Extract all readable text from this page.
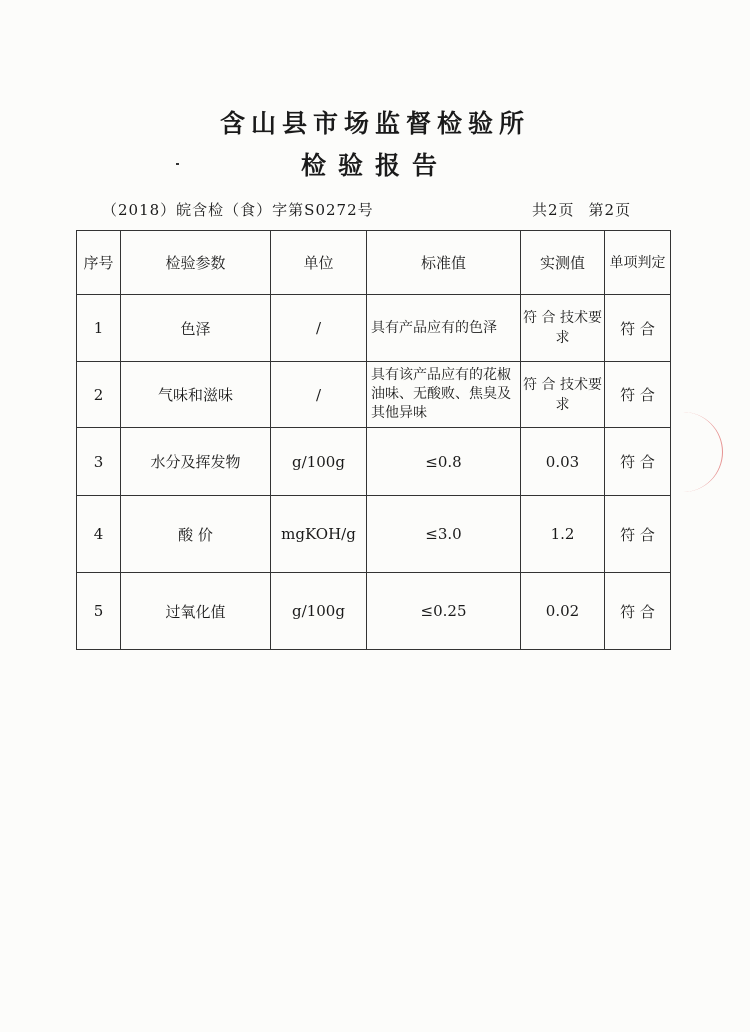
含山县市场监督检验所
检验报告
（2018）皖含检（食）字第S0272号	共2页 第2页
序号	检验参数	单位	标准值	实测值	单项判定
1	色泽	/	具有产品应有的色泽	符 合 技术要求	符 合
2	气味和滋味	/	具有该产品应有的花椒油味、无酸败、焦臭及其他异味	符 合 技术要求	符 合
3	水分及挥发物	g/100g	≤0.8	0.03	符 合
4	酸 价	mgKOH/g	≤3.0	1.2	符 合
5	过氧化值	g/100g	≤0.25	0.02	符 合
